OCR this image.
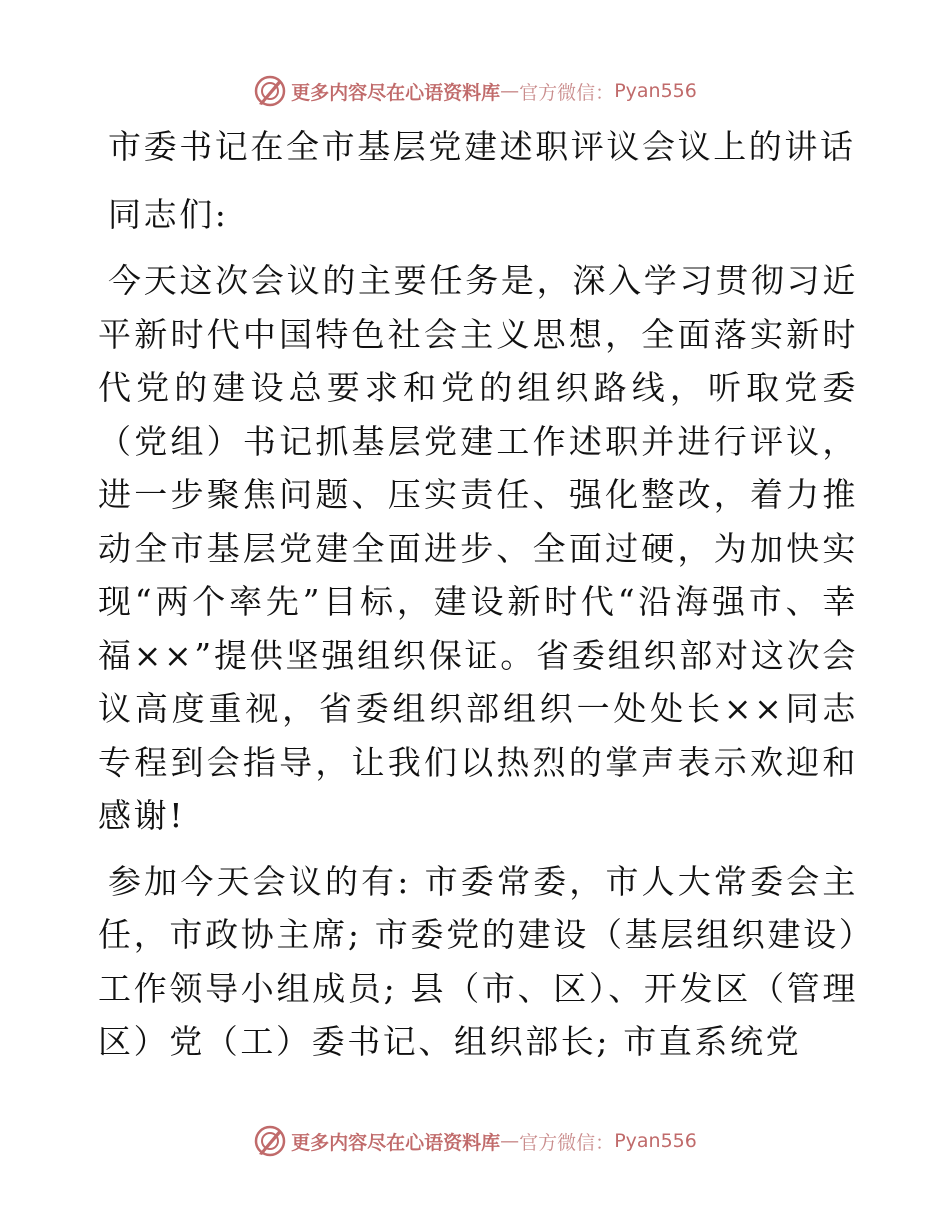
更多内容尽在心语资料库 — 官方微信： Pyan556
市委书记在全市基层党建述职评议会议上的讲话

同志们:

今天这次会议的主要任务是，深入学习贯彻习近平新时代中国特色社会主义思想，全面落实新时代党的建设总要求和党的组织路线，听取党委（党组）书记抓基层党建工作述职并进行评议，进一步聚焦问题、压实责任、强化整改，着力推动全市基层党建全面进步、全面过硬，为加快实现“两个率先”目标，建设新时代“沿海强市、幸福××”提供坚强组织保证。省委组织部对这次会议高度重视，省委组织部组织一处处长××同志专程到会指导，让我们以热烈的掌声表示欢迎和感谢!

参加今天会议的有: 市委常委，市人大常委会主任，市政协主席; 市委党的建设（基层组织建设）工作领导小组成员; 县（市、区）、开发区（管理区）党（工）委书记、组织部长; 市直系统党

更多内容尽在心语资料库 — 官方微信： Pyan556
